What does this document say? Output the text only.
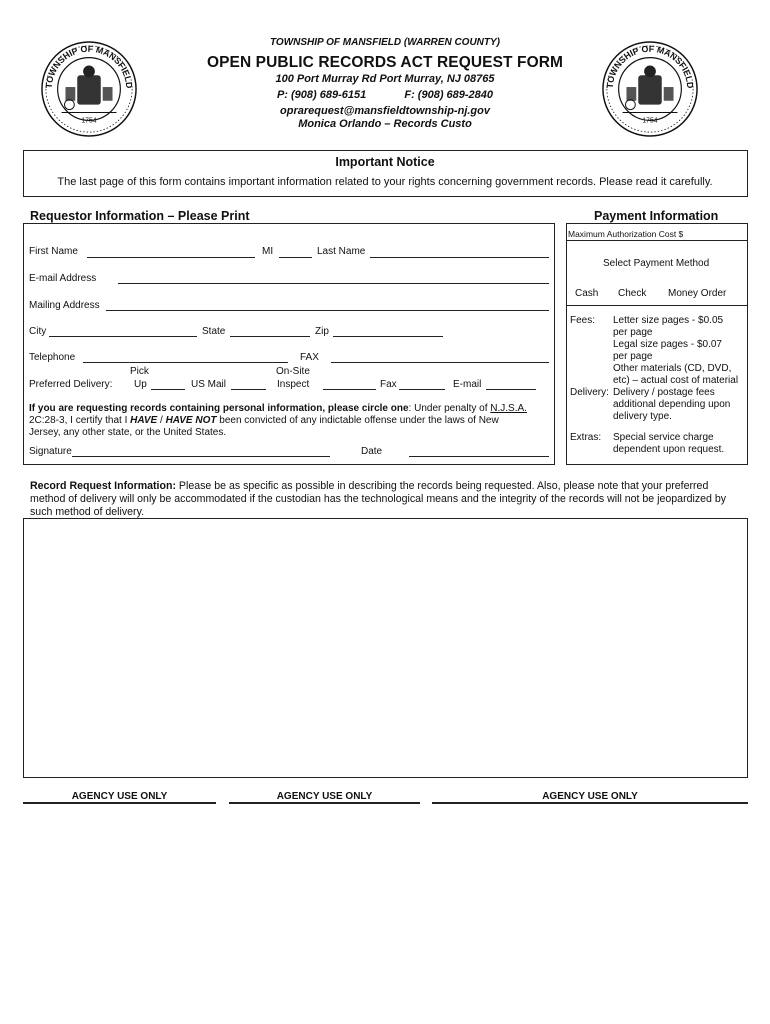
TOWNSHIP OF MANSFIELD
1754
TOWNSHIP OF MANSFIELD
1754
TOWNSHIP OF MANSFIELD (WARREN COUNTY)
OPEN PUBLIC RECORDS ACT REQUEST FORM
100 Port Murray Rd Port Murray, NJ 08765
P: (908) 689-6151	F: (908) 689-2840
oprarequest@mansfieldtownship-nj.gov
Monica Orlando – Records Custo
Important Notice
The last page of this form contains important information related to your rights concerning government records. Please read it carefully.
Requestor Information – Please Print
First Name	MI	Last Name
E-mail Address
Mailing Address
City	State	Zip
Telephone	FAX
Pick	On-Site
Preferred Delivery: Up	US Mail	Inspect	Fax	E-mail
If you are requesting records containing personal information, please circle one: Under penalty of N.J.S.A.
2C:28-3, I certify that I HAVE / HAVE NOT been convicted of any indictable offense under the laws of New
Jersey, any other state, or the United States.
Signature	Date
Payment Information
Maximum Authorization Cost $
Select Payment Method
Cash Check Money Order
Fees: Letter size pages - $0.05
per page
Legal size pages - $0.07
per page
Other materials (CD, DVD,
etc) – actual cost of material
Delivery: Delivery / postage fees
additional depending upon
delivery type.
Extras: Special service charge
dependent upon request.
Record Request Information: Please be as specific as possible in describing the records being requested. Also, please note that your preferred method of delivery will only be accommodated if the custodian has the technological means and the integrity of the records will not be jeopardized by such method of delivery.
AGENCY USE ONLY	AGENCY USE ONLY	AGENCY USE ONLY
